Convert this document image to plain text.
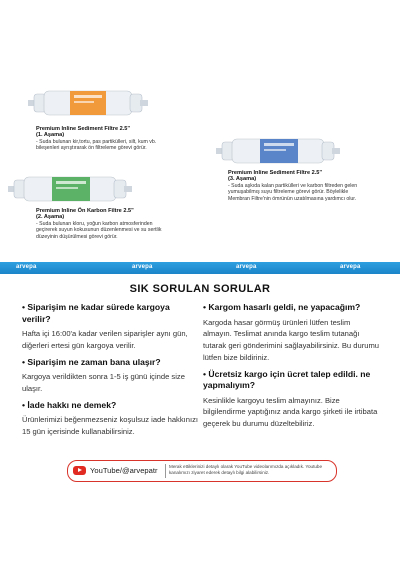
Premium Inline Sediment Filtre 2.5"
(1. Aşama)
- Suda bulunan kir,tortu, pas partikülleri, silt, kum vb. bileşenleri ayrıştırarak ön filtreleme görevi görür.
Premium Inline Ön Karbon Filtre 2.5"
(2. Aşama)
- Suda bulunan kloru, yoğun karbon atmosferinden geçirerek suyun kokusunun düzenlenmesi ve su sertlik düzeyinin düşürülmesi görevi görür.
Premium Inline Sediment Filtre 2.5"
(3. Aşama)
- Suda aşkıda kalan partikülleri ve karbon filtreden gelen yumuşabilmış suyu filtreleme görevi görür. Böylelikle Membran Filtre'nin ömrünün uzatılmasına yardımcı olur.
arvepa	arvepa	arvepa	arvepa
SIK SORULAN SORULAR
• Siparişim ne kadar sürede kargoya verilir?
Hafta içi 16:00'a kadar verilen siparişler aynı gün, diğerleri ertesi gün kargoya verilir.
• Siparişim ne zaman bana ulaşır?
Kargoya verildikten sonra 1-5 iş günü içinde size ulaşır.
• İade hakkı ne demek?
Ürünlerimizi beğenmezseniz koşulsuz iade hakkınızı 15 gün içerisinde kullanabilirsiniz.
• Kargom hasarlı geldi, ne yapacağım?
Kargoda hasar görmüş ürünleri lütfen teslim almayın. Teslimat anında kargo teslim tutanağı tutarak geri gönderimini sağlayabilirsiniz. Bu durumu lütfen bize bildiriniz.
• Ücretsiz kargo için ücret talep edildi. ne yapmalıyım?
Kesinlikle kargoyu teslim almayınız. Bize bilgilendirme yaptığınız anda kargo şirketi ile irtibata geçerek bu durumu düzeltebiliriz.
YouTube/@arvepatr Merak ettiklerinizi detaylı olarak YouTube videolarımızda açıkladık. Youtube kanalımızı ziyaret ederek detaylı bilgi alabilirsiniz.
